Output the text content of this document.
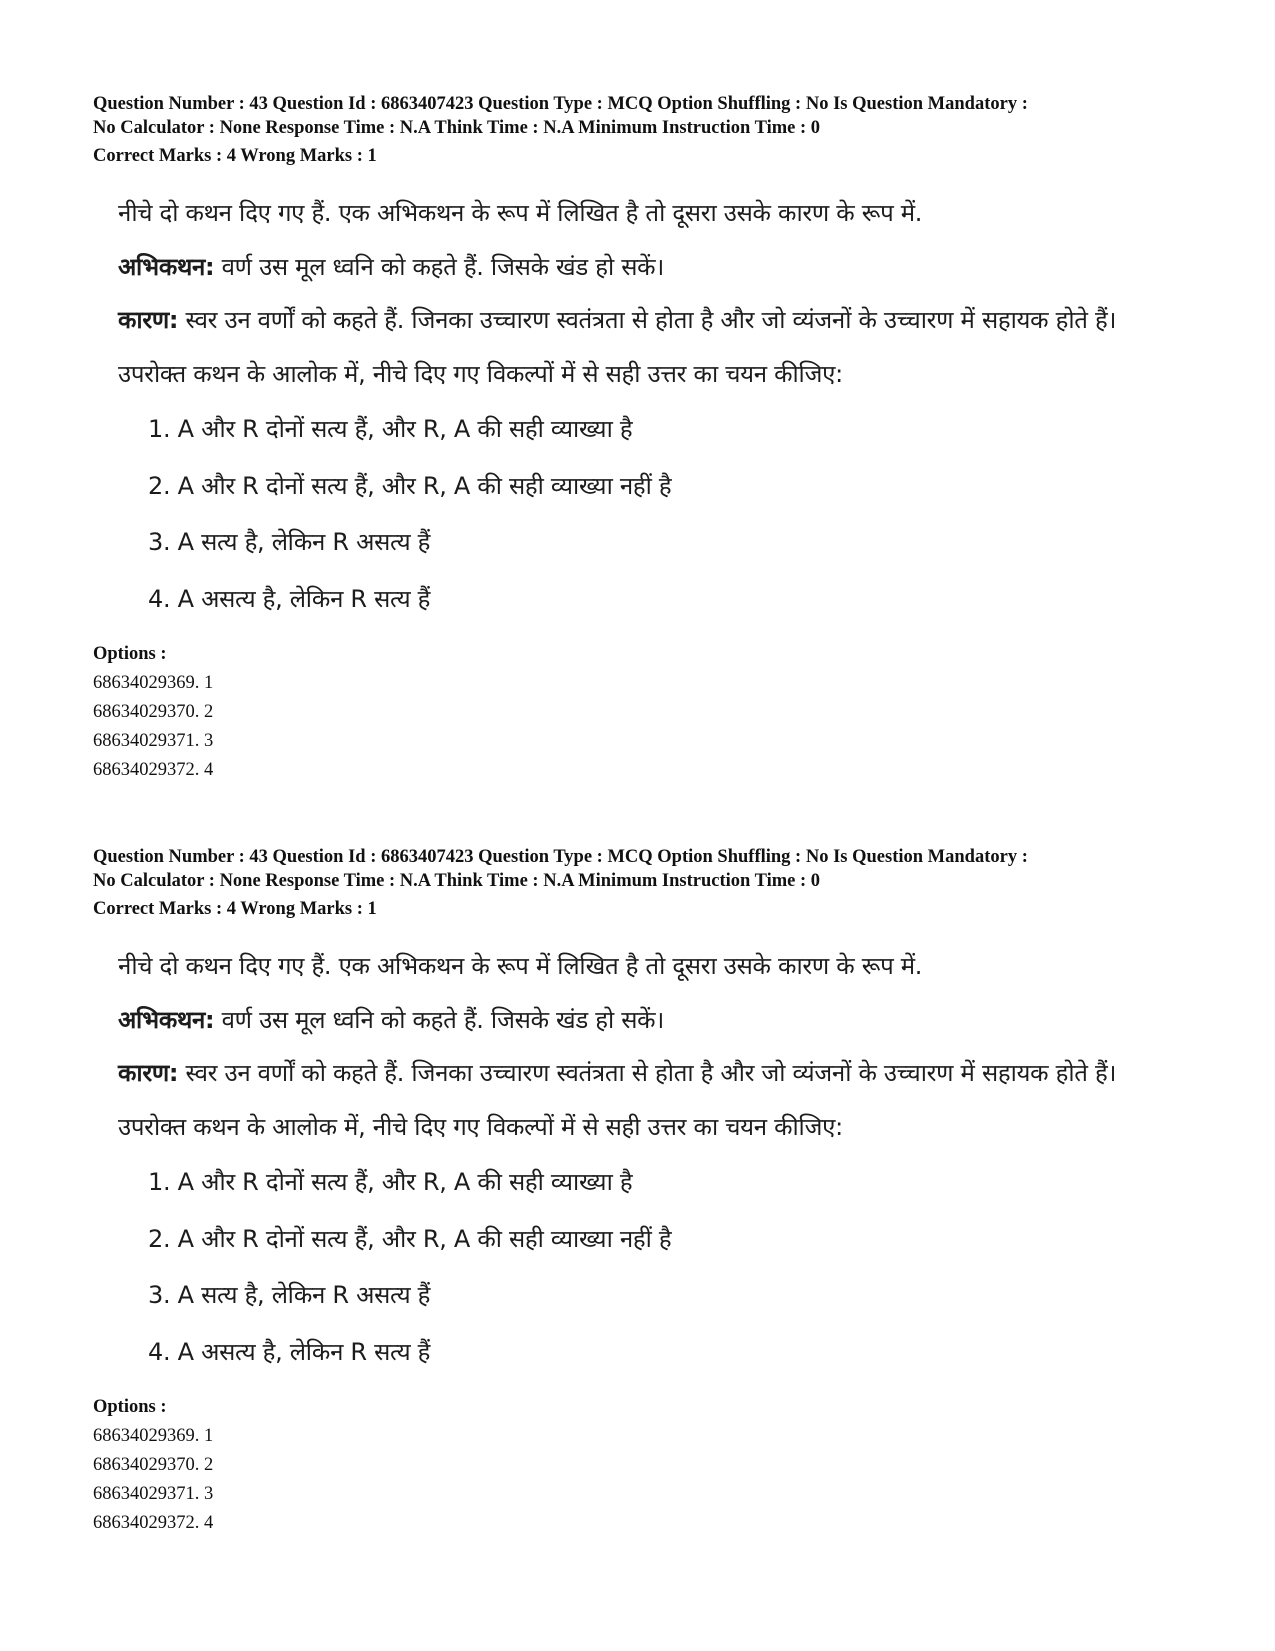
Question Number : 43 Question Id : 6863407423 Question Type : MCQ Option Shuffling : No Is Question Mandatory :
No Calculator : None Response Time : N.A Think Time : N.A Minimum Instruction Time : 0
Correct Marks : 4 Wrong Marks : 1
नीचे दो कथन दिए गए हैं. एक अभिकथन के रूप में लिखित है तो दूसरा उसके कारण के रूप में.
अभिकथन: वर्ण उस मूल ध्वनि को कहते हैं. जिसके खंड हो सकें।
कारण: स्वर उन वर्णों को कहते हैं. जिनका उच्चारण स्वतंत्रता से होता है और जो व्यंजनों के उच्चारण में सहायक होते हैं।
उपरोक्त कथन के आलोक में, नीचे दिए गए विकल्पों में से सही उत्तर का चयन कीजिए:
1. A और R दोनों सत्य हैं, और R, A की सही व्याख्या है
2. A और R दोनों सत्य हैं, और R, A की सही व्याख्या नहीं है
3. A सत्य है, लेकिन R असत्य हैं
4. A असत्य है, लेकिन R सत्य हैं
Options :
68634029369. 1
68634029370. 2
68634029371. 3
68634029372. 4
Question Number : 43 Question Id : 6863407423 Question Type : MCQ Option Shuffling : No Is Question Mandatory :
No Calculator : None Response Time : N.A Think Time : N.A Minimum Instruction Time : 0
Correct Marks : 4 Wrong Marks : 1
नीचे दो कथन दिए गए हैं. एक अभिकथन के रूप में लिखित है तो दूसरा उसके कारण के रूप में.
अभिकथन: वर्ण उस मूल ध्वनि को कहते हैं. जिसके खंड हो सकें।
कारण: स्वर उन वर्णों को कहते हैं. जिनका उच्चारण स्वतंत्रता से होता है और जो व्यंजनों के उच्चारण में सहायक होते हैं।
उपरोक्त कथन के आलोक में, नीचे दिए गए विकल्पों में से सही उत्तर का चयन कीजिए:
1. A और R दोनों सत्य हैं, और R, A की सही व्याख्या है
2. A और R दोनों सत्य हैं, और R, A की सही व्याख्या नहीं है
3. A सत्य है, लेकिन R असत्य हैं
4. A असत्य है, लेकिन R सत्य हैं
Options :
68634029369. 1
68634029370. 2
68634029371. 3
68634029372. 4
